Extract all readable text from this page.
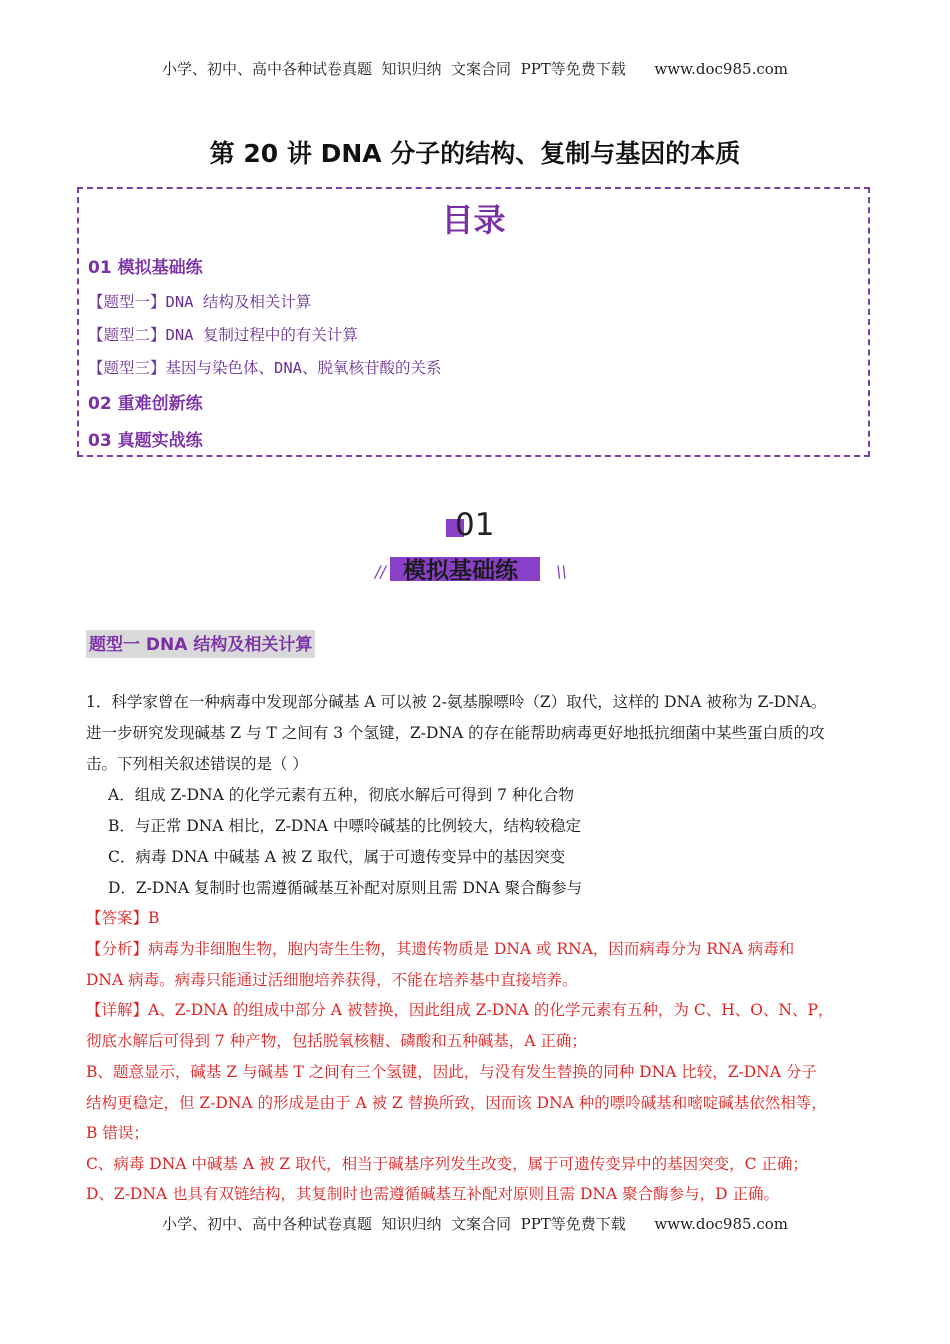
小学、初中、高中各种试卷真题  知识归纳  文案合同  PPT等免费下载      www.doc985.com
第 20 讲 DNA 分子的结构、复制与基因的本质
目录
01 模拟基础练
【题型一】DNA 结构及相关计算
【题型二】DNA 复制过程中的有关计算
【题型三】基因与染色体、DNA、脱氧核苷酸的关系
02 重难创新练
03 真题实战练
01
模拟基础练
//	\\
题型一 DNA 结构及相关计算
1．科学家曾在一种病毒中发现部分碱基 A 可以被 2-氨基腺嘌呤（Z）取代，这样的 DNA 被称为 Z-DNA。
进一步研究发现碱基 Z 与 T 之间有 3 个氢键，Z-DNA 的存在能帮助病毒更好地抵抗细菌中某些蛋白质的攻
击。下列相关叙述错误的是（ ）
A．组成 Z-DNA 的化学元素有五种，彻底水解后可得到 7 种化合物
B．与正常 DNA 相比，Z-DNA 中嘌呤碱基的比例较大，结构较稳定
C．病毒 DNA 中碱基 A 被 Z 取代，属于可遗传变异中的基因突变
D．Z-DNA 复制时也需遵循碱基互补配对原则且需 DNA 聚合酶参与
【答案】B
【分析】病毒为非细胞生物，胞内寄生生物，其遗传物质是 DNA 或 RNA，因而病毒分为 RNA 病毒和
DNA 病毒。病毒只能通过活细胞培养获得，不能在培养基中直接培养。
【详解】A、Z-DNA 的组成中部分 A 被替换，因此组成 Z-DNA 的化学元素有五种，为 C、H、O、N、P，
彻底水解后可得到 7 种产物，包括脱氧核糖、磷酸和五种碱基，A 正确；
B、题意显示，碱基 Z 与碱基 T 之间有三个氢键，因此，与没有发生替换的同种 DNA 比较，Z-DNA 分子
结构更稳定，但 Z-DNA 的形成是由于 A 被 Z 替换所致，因而该 DNA 种的嘌呤碱基和嘧啶碱基依然相等，
B 错误；
C、病毒 DNA 中碱基 A 被 Z 取代，相当于碱基序列发生改变，属于可遗传变异中的基因突变，C 正确；
D、Z-DNA 也具有双链结构，其复制时也需遵循碱基互补配对原则且需 DNA 聚合酶参与，D 正确。
小学、初中、高中各种试卷真题  知识归纳  文案合同  PPT等免费下载      www.doc985.com
